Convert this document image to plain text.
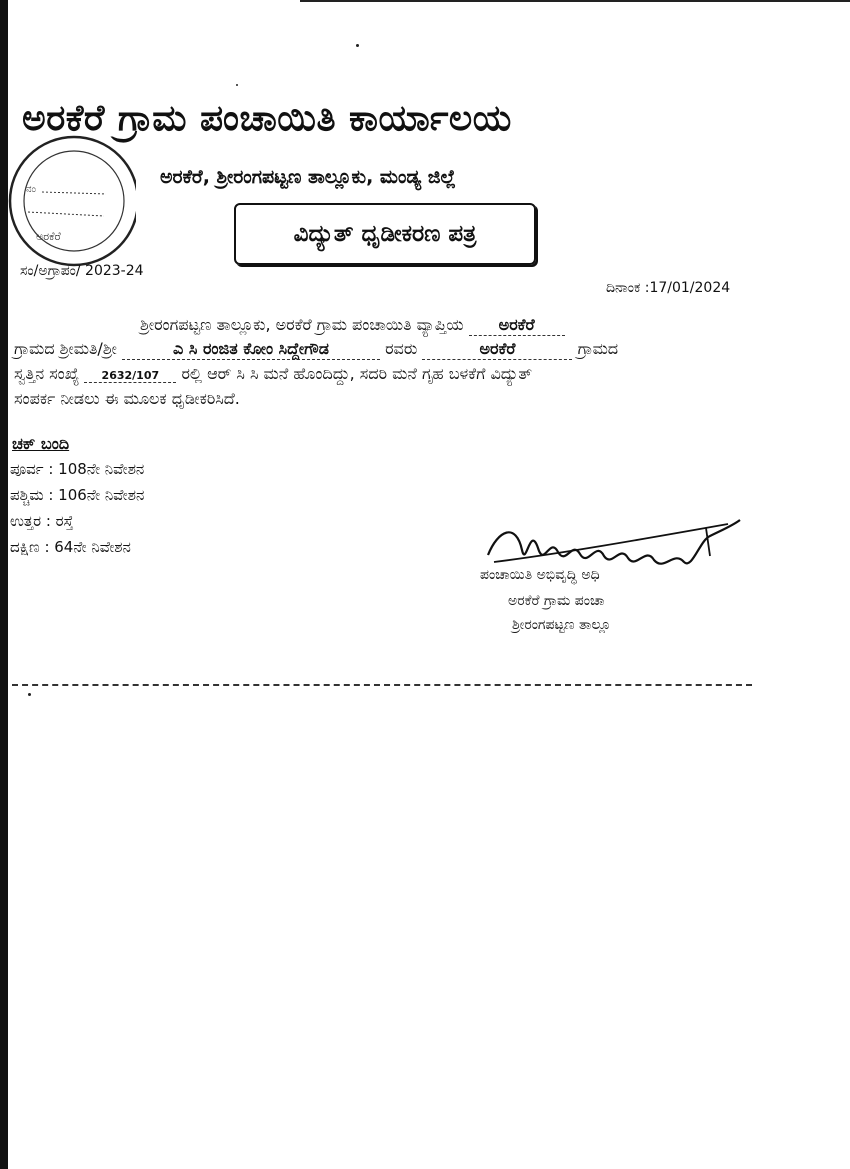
ಅರಕೆರೆ ಗ್ರಾಮ ಪಂಚಾಯಿತಿ ಕಾರ್ಯಾಲಯ
ಅರಕೆರೆ, ಶ್ರೀರಂಗಪಟ್ಟಣ ತಾಲ್ಲೂಕು, ಮಂಡ್ಯ ಜಿಲ್ಲೆ
ವಿದ್ಯುತ್ ಧೃಡೀಕರಣ ಪತ್ರ
ನಂ
ಅರಕೆರೆ
ಸಂ/ಅಗ್ರಾಪಂ/ 2023-24
ದಿನಾಂಕ :17/01/2024
ಶ್ರೀರಂಗಪಟ್ಟಣ ತಾಲ್ಲೂಕು, ಅರಕೆರೆ ಗ್ರಾಮ ಪಂಚಾಯಿತಿ ವ್ಯಾಪ್ತಿಯ ಅರಕೆರೆ
ಗ್ರಾಮದ ಶ್ರೀಮತಿ/ಶ್ರೀ	ಎ ಸಿ ರಂಜಿತ ಕೋಂ ಸಿದ್ದೇಗೌಡ	ರವರು	ಅರಕೆರೆ	ಗ್ರಾಮದ
ಸ್ವತ್ತಿನ ಸಂಖ್ಯೆ 2632/107 ರಲ್ಲಿ ಆರ್ ಸಿ ಸಿ ಮನೆ ಹೊಂದಿದ್ದು, ಸದರಿ ಮನೆ ಗೃಹ ಬಳಕೆಗೆ ವಿದ್ಯುತ್
ಸಂಪರ್ಕ ನೀಡಲು ಈ ಮೂಲಕ ಧೃಡೀಕರಿಸಿದೆ.
ಚಕ್ ಬಂದಿ
ಪೂರ್ವ : 108ನೇ ನಿವೇಶನ
ಪಶ್ಚಿಮ : 106ನೇ ನಿವೇಶನ
ಉತ್ತರ : ರಸ್ತೆ
ದಕ್ಷಿಣ : 64ನೇ ನಿವೇಶನ
ಪಂಚಾಯಿತಿ ಅಭಿವೃದ್ಧಿ ಅಧಿ
ಅರಕೆರೆ ಗ್ರಾಮ ಪಂಚಾ
ಶ್ರೀರಂಗಪಟ್ಟಣ ತಾಲ್ಲೂ
